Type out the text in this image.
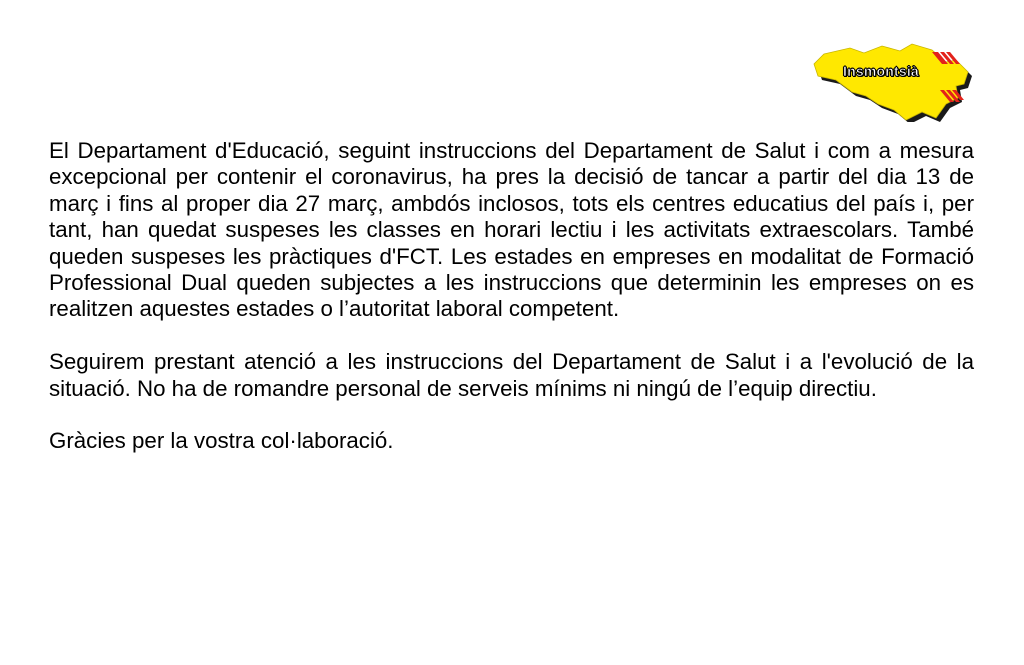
Insmontsià

El Departament d'Educació, seguint instruccions del Departament de Salut i com a mesura excepcional per contenir el coronavirus, ha pres la decisió de tancar a partir del dia 13 de març i fins al proper dia 27 març, ambdós inclosos, tots els centres educatius del país i, per tant, han quedat suspeses les classes en horari lectiu i les activitats extraescolars. També queden suspeses les pràctiques d'FCT. Les estades en empreses en modalitat de Formació Professional Dual queden subjectes a les instruccions que determinin les empreses on es realitzen aquestes estades o l’autoritat laboral competent.

Seguirem prestant atenció a les instruccions del Departament de Salut i a l'evolució de la situació. No ha de romandre personal de serveis mínims ni ningú de l’equip directiu.

Gràcies per la vostra col·laboració.
